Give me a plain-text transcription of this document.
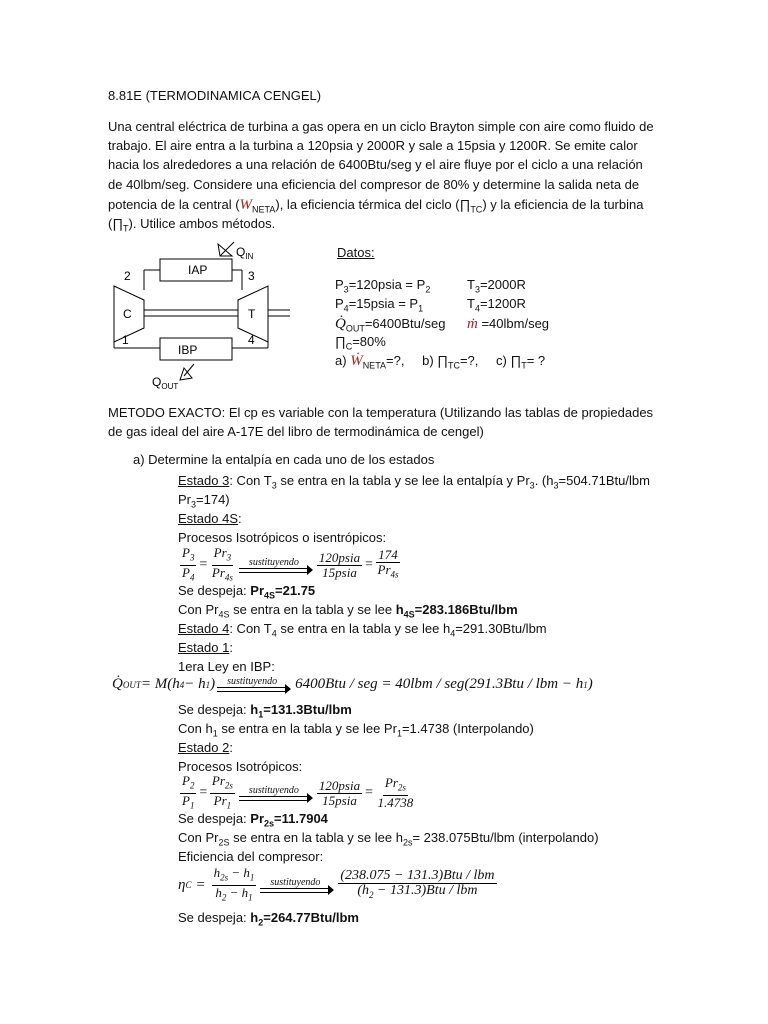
8.81E (TERMODINAMICA CENGEL)
Una central eléctrica de turbina a gas opera en un ciclo Brayton simple con aire como fluido de
trabajo. El aire entra a la turbina a 120psia y 2000R y sale a 15psia y 1200R. Se emite calor
hacia los alrededores a una relación de 6400Btu/seg y el aire fluye por el ciclo a una relación
de 40lbm/seg. Considere una eficiencia del compresor de 80% y determine la salida neta de
potencia de la central $(W_{NETA})$, la eficiencia térmica del ciclo $(\prod_{TC})$ y la eficiencia de la turbina
$(\prod_T)$. Utilice ambos métodos.
$Q_{IN}$
IAP
2	3
C	T
1	4
IBP
$Q_{OUT}$
Datos:
$P_3=120psia = P_2$	$T_3=2000R$
$P_4=15psia = P_1$	$T_4=1200R$
$Q̇_{OUT}=6400Btu$/seg ṁ =40lbm/seg
$\prod_C=80\%$
a) Ẇ$_{NETA}$=?, b) $\prod_{TC}=$?, c) $\prod_T=$ ?
METODO EXACTO: El cp es variable con la temperatura (Utilizando las tablas de propiedades
de gas ideal del aire A-17E del libro de termodinámica de cengel)
a) Determine la entalpía en cada uno de los estados
Estado 3: Con $T_3$ se entra en la tabla y se lee la entalpía y $Pr_3$. ($h_3=504.71Btu$/lbm
$Pr_3=174$)
Estado 4S:
Procesos Isotrópicos o isentrópicos:
$\frac{P_3}{P_4} = \frac{Pr_3}{Pr_{4s}}$ sustituyendo $\frac{\text{120psia}}{\text{15psia}} = \frac{174}{Pr_{4s}}$
Se despeja: $Pr_{4S}=21.75$
Con $Pr_{4S}$ se entra en la tabla y se lee $h_{4S}=283.186Btu$/lbm
Estado 4: Con $T_4$ se entra en la tabla y se lee $h_4=291.30Btu$/lbm
Estado 1:
1era Ley en IBP:
Q̇ OUT = M(h 4 − h 1 ) sustituyendo 6400Btu / seg = 40lbm / seg(291.3Btu / lbm − h 1 )
Se despeja: $h_1=131.3Btu$/lbm
Con $h_1$ se entra en la tabla y se lee $Pr_1=1.4738$ (Interpolando)
Estado 2:
Procesos Isotrópicos:
$\frac{P_2}{P_1} = \frac{Pr_{2s}}{Pr_1}$ sustituyendo $\frac{\text{120psia}}{\text{15psia}} = \frac{Pr_{2s}}{1.4738}$
Se despeja: $Pr_{2s}=11.7904$
Con $Pr_{2S}$ se entra en la tabla y se lee $h_{2s}= 238.075Btu/lbm$ (interpolando)
Eficiencia del compresor:
η $C = \frac{h_{2s} - h_1}{h_2 - h_1}$ sustituyendo $\frac{\text{(238.075 − 131.3)Btu / lbm}}{(h_2 - 131.3)Btu / lbm}$
Se despeja: $h_2=264.77Btu$/lbm
